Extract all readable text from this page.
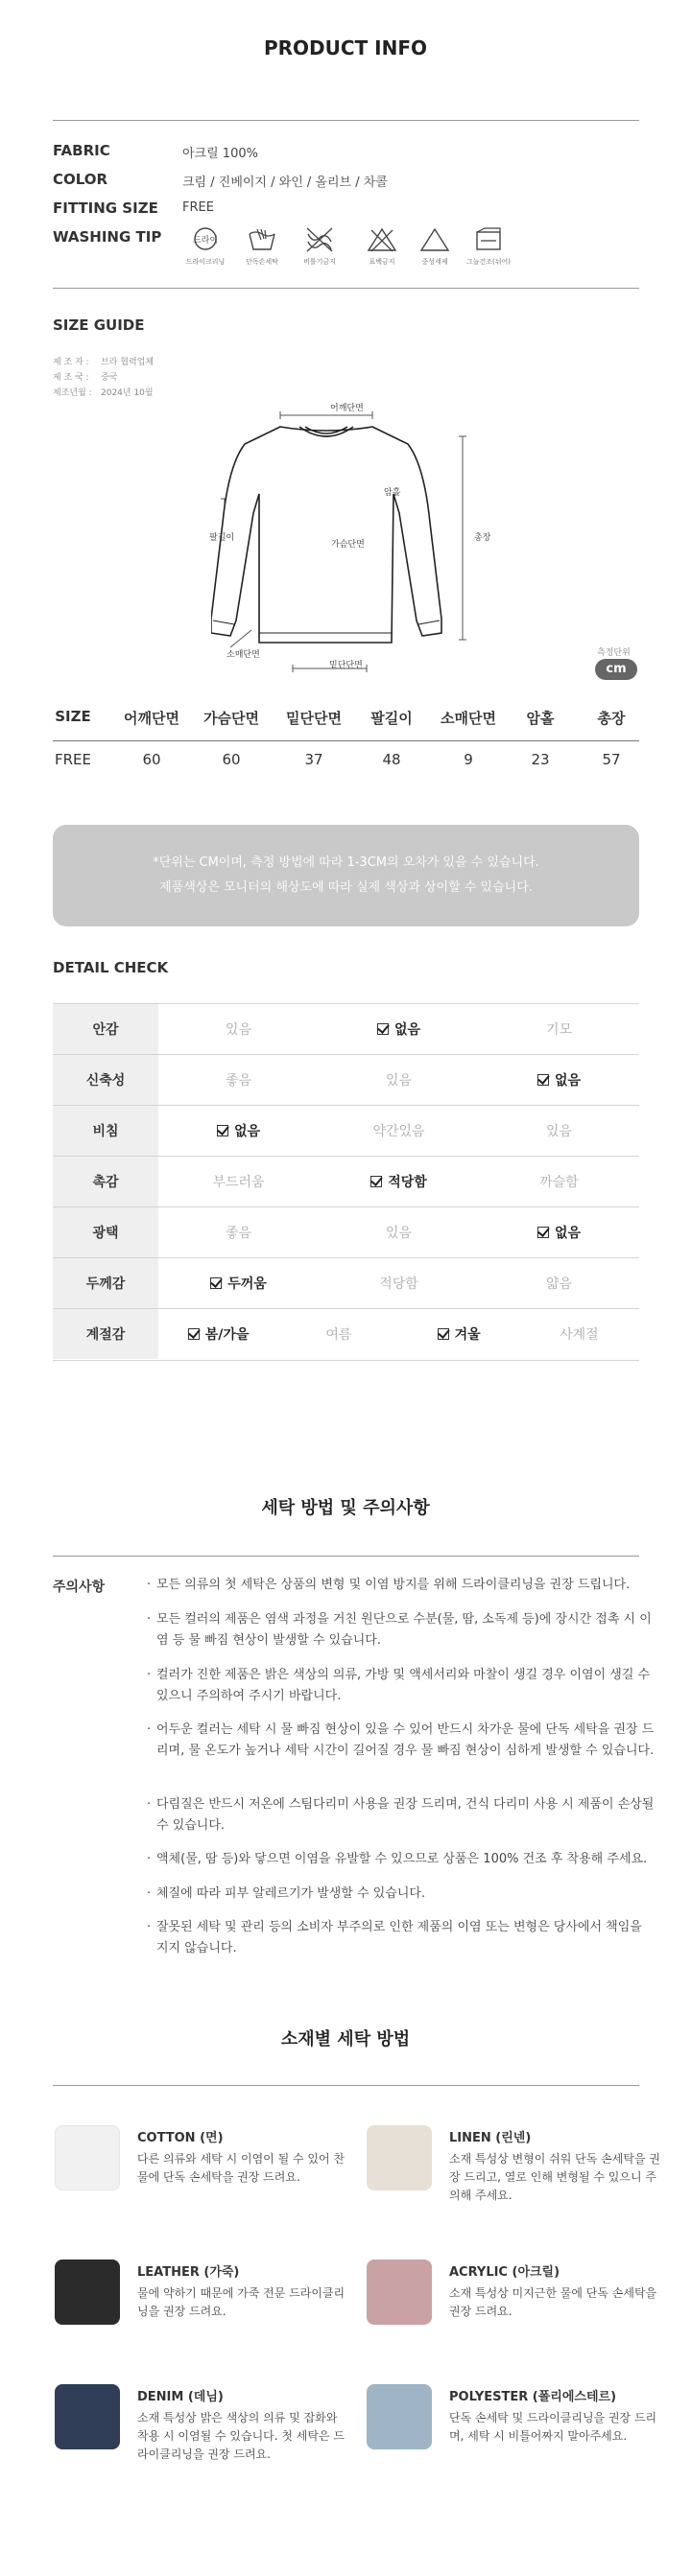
PRODUCT INFO
FABRIC	아크릴 100%
COLOR	크림 / 진베이지 / 와인 / 올리브 / 차콜
FITTING SIZE FREE
WASHING TIP	드라이
드라이크리닝	단독손세탁	비틀기금지	표백금지	중성세제	그늘건조(뉘어)
SIZE GUIDE
제 조 자 : 브라 협력업체
제 조 국 : 중국
제조년월 : 2024년 10월
어깨단면
암홀
가슴단면
팔길이	총장
소매단면
밑단단면
측정단위
cm
SIZE	어깨단면	가슴단면	밑단단면	팔길이	소매단면	암홀	총장
FREE	60	60	37	48	9	23	57

*단위는 CM이며, 측정 방법에 따라 1-3CM의 오차가 있을 수 있습니다.

제품색상은 모니터의 해상도에 따라 실제 색상과 상이할 수 있습니다.

DETAIL CHECK
안감	있음	없음	기모
신축성	좋음	있음	없음
비침	없음	약간있음	있음
촉감	부드러움	적당함	까슬함
광택	좋음	있음	없음
두께감	두꺼움	적당함	얇음
계절감	봄/가을	여름	겨울	사계절
세탁 방법 및 주의사항
주의사항
·	모든 의류의 첫 세탁은 상품의 변형 및 이염 방지를 위해 드라이클리닝을 권장 드립니다.
· 모든 컬러의 제품은 염색 과정을 거친 원단으로 수분(물, 땀, 소독제 등)에 장시간 접촉 시 이염 등 물 빠짐 현상이 발생할 수 있습니다.
· 컬러가 진한 제품은 밝은 색상의 의류, 가방 및 액세서리와 마찰이 생길 경우 이염이 생길 수 있으니 주의하여 주시기 바랍니다.
· 어두운 컬러는 세탁 시 물 빠짐 현상이 있을 수 있어 반드시 차가운 물에 단독 세탁을 권장 드리며, 물 온도가 높거나 세탁 시간이 길어질 경우 물 빠짐 현상이 심하게 발생할 수 있습니다.
· 다림질은 반드시 저온에 스팀다리미 사용을 권장 드리며, 건식 다리미 사용 시 제품이 손상될 수 있습니다.
· 액체(물, 땀 등)와 닿으면 이염을 유발할 수 있으므로 상품은 100% 건조 후 착용해 주세요.
· 체질에 따라 피부 알레르기가 발생할 수 있습니다.
· 잘못된 세탁 및 관리 등의 소비자 부주의로 인한 제품의 이염 또는 변형은 당사에서 책임을 지지 않습니다.
소재별 세탁 방법
COTTON (면)
다른 의류와 세탁 시 이염이 될 수 있어 찬물에 단독 손세탁을 권장 드려요.
LINEN (린넨)
소재 특성상 변형이 쉬워 단독 손세탁을 권장 드리고, 열로 인해 변형될 수 있으니 주의해 주세요.
LEATHER (가죽)
물에 약하기 때문에 가죽 전문 드라이클리닝을 권장 드려요.
ACRYLIC (아크릴)
소재 특성상 미지근한 물에 단독 손세탁을 권장 드려요.
DENIM (데님)
소재 특성상 밝은 색상의 의류 및 잡화와 착용 시 이염될 수 있습니다. 첫 세탁은 드라이클리닝을 권장 드려요.
POLYESTER (폴리에스테르)
단독 손세탁 및 드라이클리닝을 권장 드리며, 세탁 시 비틀어짜지 말아주세요.
